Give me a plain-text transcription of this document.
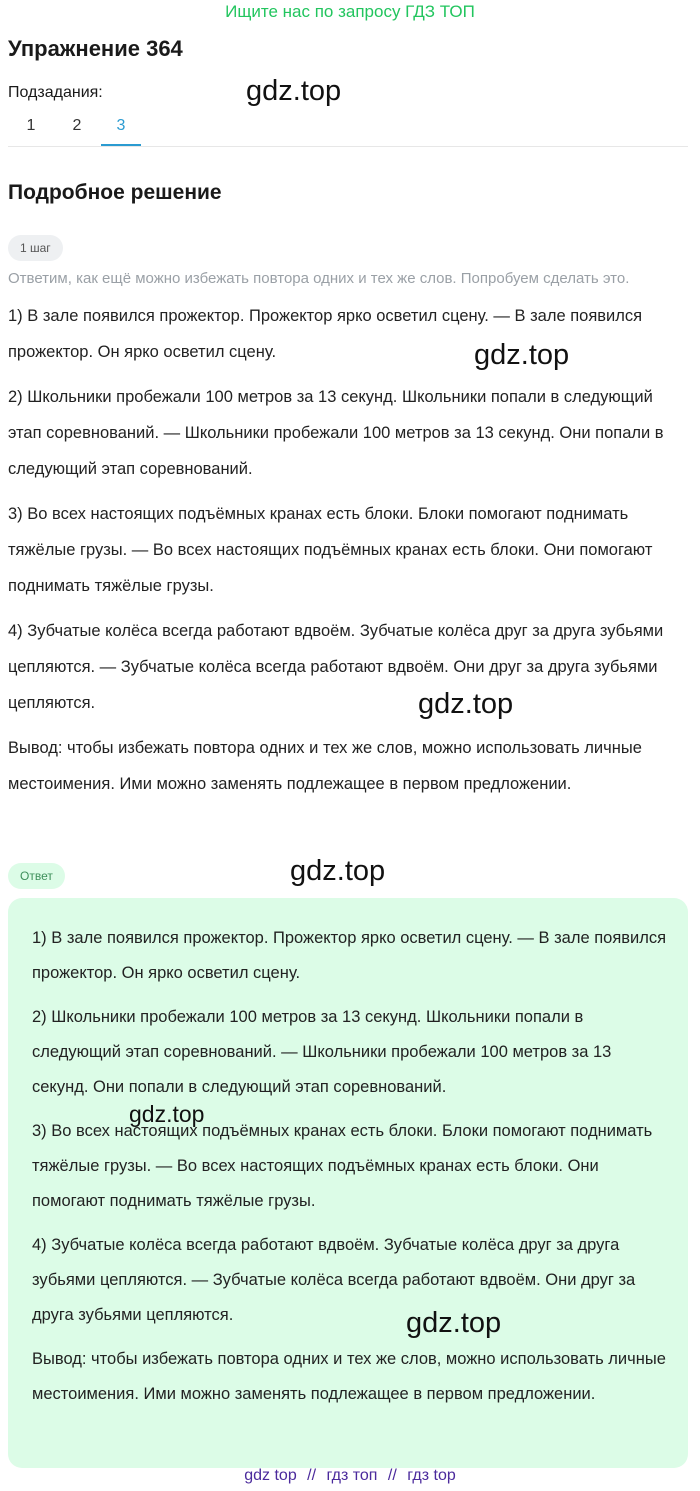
Ищите нас по запросу ГДЗ ТОП
Упражнение 364
Подзадания:
1	2	3
Подробное решение
1 шаг
Ответим, как ещё можно избежать повтора одних и тех же слов. Попробуем сделать это.

1) В зале появился прожектор. Прожектор ярко осветил сцену. — В зале появился прожектор. Он ярко осветил сцену.

2) Школьники пробежали 100 метров за 13 секунд. Школьники попали в следующий этап соревнований. — Школьники пробежали 100 метров за 13 секунд. Они попали в следующий этап соревнований.

3) Во всех настоящих подъёмных кранах есть блоки. Блоки помогают поднимать тяжёлые грузы. — Во всех настоящих подъёмных кранах есть блоки. Они помогают поднимать тяжёлые грузы.

4) Зубчатые колёса всегда работают вдвоём. Зубчатые колёса друг за друга зубьями цепляются. — Зубчатые колёса всегда работают вдвоём. Они друг за друга зубьями цепляются.

Вывод: чтобы избежать повтора одних и тех же слов, можно использовать личные местоимения. Ими можно заменять подлежащее в первом предложении.

Ответ

1) В зале появился прожектор. Прожектор ярко осветил сцену. — В зале появился прожектор. Он ярко осветил сцену.

2) Школьники пробежали 100 метров за 13 секунд. Школьники попали в следующий этап соревнований. — Школьники пробежали 100 метров за 13 секунд. Они попали в следующий этап соревнований.

3) Во всех настоящих подъёмных кранах есть блоки. Блоки помогают поднимать тяжёлые грузы. — Во всех настоящих подъёмных кранах есть блоки. Они помогают поднимать тяжёлые грузы.

4) Зубчатые колёса всегда работают вдвоём. Зубчатые колёса друг за друга зубьями цепляются. — Зубчатые колёса всегда работают вдвоём. Они друг за друга зубьями цепляются.

Вывод: чтобы избежать повтора одних и тех же слов, можно использовать личные местоимения. Ими можно заменять подлежащее в первом предложении.

gdz.top
gdz.top
gdz.top
gdz.top
gdz.top
gdz.top
gdz top // гдз топ // гдз top
